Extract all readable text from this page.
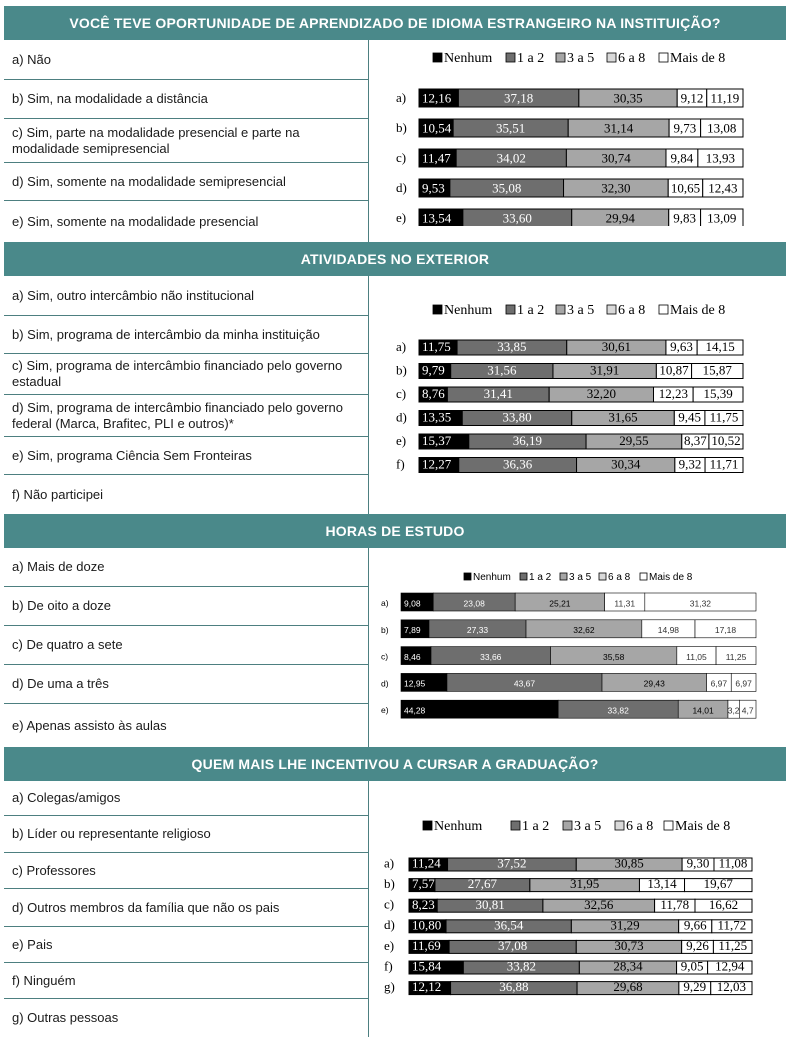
VOCÊ TEVE OPORTUNIDADE DE APRENDIZADO DE IDIOMA ESTRANGEIRO NA INSTITUIÇÃO?
a) Não
b) Sim, na modalidade a distância
c) Sim, parte na modalidade presencial e parte na modalidade semipresencial
d) Sim, somente na modalidade semipresencial
e) Sim, somente na modalidade presencial
ATIVIDADES NO EXTERIOR
a) Sim, outro intercâmbio não institucional
b) Sim, programa de intercâmbio da minha instituição
c) Sim, programa de intercâmbio financiado pelo governo estadual
d) Sim, programa de intercâmbio financiado pelo governo federal (Marca, Brafitec, PLI e outros)*
e) Sim, programa Ciência Sem Fronteiras
f) Não participei
HORAS DE ESTUDO
a) Mais de doze
b) De oito a doze
c) De quatro a sete
d) De uma a três
e) Apenas assisto às aulas
QUEM MAIS LHE INCENTIVOU A CURSAR A GRADUAÇÃO?
a) Colegas/amigos
b) Líder ou representante religioso
c) Professores
d) Outros membros da família que não os pais
e) Pais
f) Ninguém
g) Outras pessoas
Nenhum 1 a 2 3 a 5 6 a 8 Mais de 8
a) 12,16	37,18	30,35	9,12 11,19
b) 10,54	35,51	31,14	9,73 13,08
c) 11,47	34,02	30,74	9,84 13,93
d) 9,53	35,08	32,30	10,65 12,43
e) 13,54	33,60	29,94	9,83 13,09
Nenhum 1 a 2 3 a 5 6 a 8 Mais de 8
a) 11,75	33,85	30,61	9,63 14,15
b) 9,79	31,56	31,91	10,87 15,87
c) 8,76	31,41	32,20	12,23 15,39
d) 13,35	33,80	31,65	9,45 11,75
e) 15,37	36,19	29,55	8,37 10,52
f) 12,27	36,36	30,34	9,32 11,71
Nenhum 1 a 2 3 a 5 6 a 8 Mais de 8
a) 9,08	23,08	25,21	11,31	31,32
b) 7,89	27,33	32,62	14,98	17,18
c) 8,46	33,66	35,58	11,05 11,25
d) 12,95	43,67	29,43	6,97 6,97
e) 44,28	33,82	14,01 3,2 4,7
Nenhum	1 a 2 3 a 5 6 a 8 Mais de 8
a) 11,24	37,52	30,85	9,30 11,08
b) 7,57	27,67	31,95	13,14 19,67
c) 8,23	30,81	32,56	11,78 16,62
d) 10,80	36,54	31,29	9,66 11,72
e) 11,69	37,08	30,73	9,26 11,25
f) 15,84	33,82	28,34	9,05 12,94
g) 12,12	36,88	29,68	9,29 12,03
